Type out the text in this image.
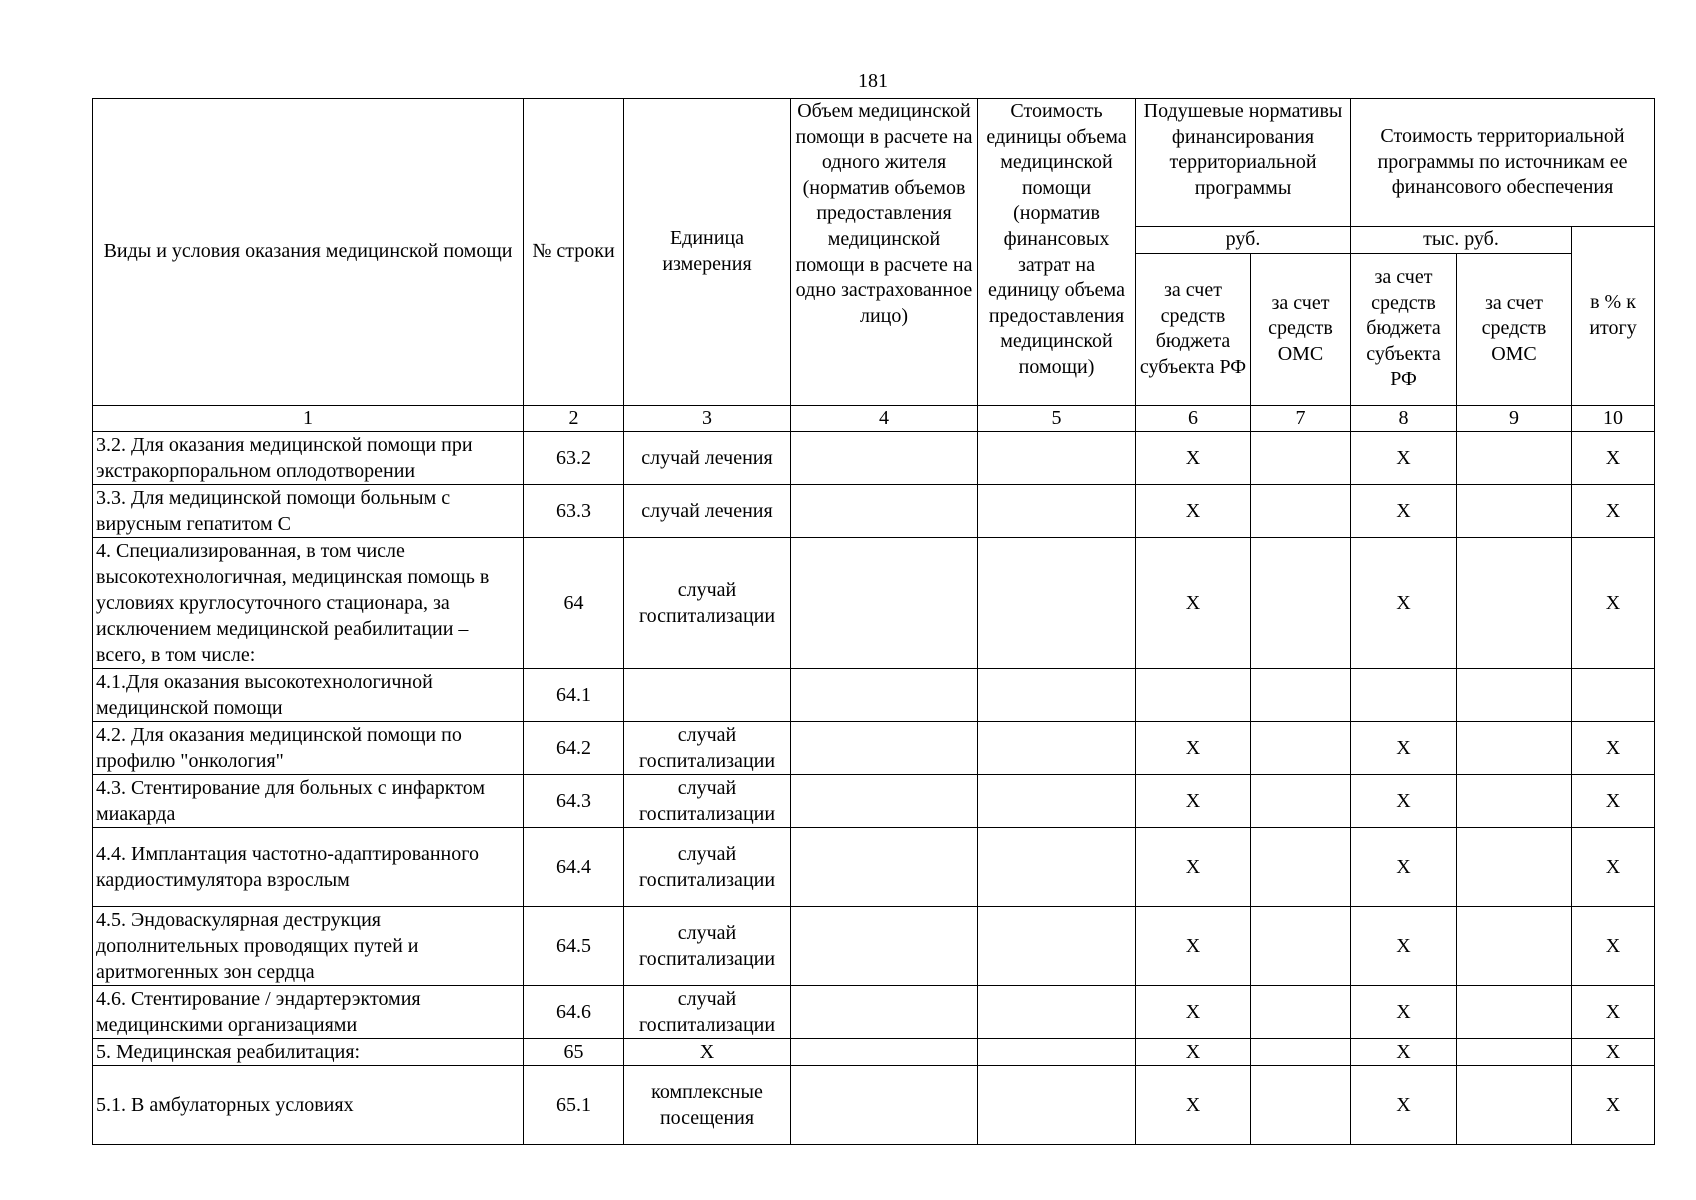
181
Виды и условия оказания медицинской помощи	№ строки	Единица измерения	Объем медицинской помощи в расчете на одного жителя (норматив объемов предоставления медицинской помощи в расчете на одно застрахованное лицо)	Стоимость единицы объема медицинской помощи (норматив финансовых затрат на единицу объема предоставления медицинской помощи)	Подушевые нормативы финансирования территориальной программы		Стоимость территориальной программы по источникам ее финансового обеспечения		
					руб.		тыс. руб.		в % к итогу
					за счет средств бюджета субъекта РФ	за счет средств ОМС	за счет средств бюджета субъекта РФ	за счет средств ОМС	
1	2	3	4	5	6	7	8	9	10
3.2. Для оказания медицинской помощи при экстракорпоральном оплодотворении	63.2	случай лечения			X		X		X
3.3. Для медицинской помощи больным с вирусным гепатитом С	63.3	случай лечения			X		X		X
4. Специализированная, в том числе высокотехнологичная, медицинская помощь в условиях круглосуточного стационара, за исключением медицинской реабилитации – всего, в том числе:	64	случай госпитализации			X		X		X
4.1.Для оказания высокотехнологичной медицинской помощи	64.1								
4.2. Для оказания медицинской помощи по профилю "онкология"	64.2	случай госпитализации			X		X		X
4.3. Стентирование для больных с инфарктом миакарда	64.3	случай госпитализации			X		X		X
4.4. Имплантация частотно-адаптированного кардиостимулятора взрослым	64.4	случай госпитализации			X		X		X
4.5. Эндоваскулярная деструкция дополнительных проводящих путей и аритмогенных зон сердца	64.5	случай госпитализации			X		X		X
4.6. Стентирование / эндартерэктомия медицинскими организациями	64.6	случай госпитализации			X		X		X
5. Медицинская реабилитация:	65	X			X		X		X
5.1. В амбулаторных условиях	65.1	комплексные посещения			X		X		X
